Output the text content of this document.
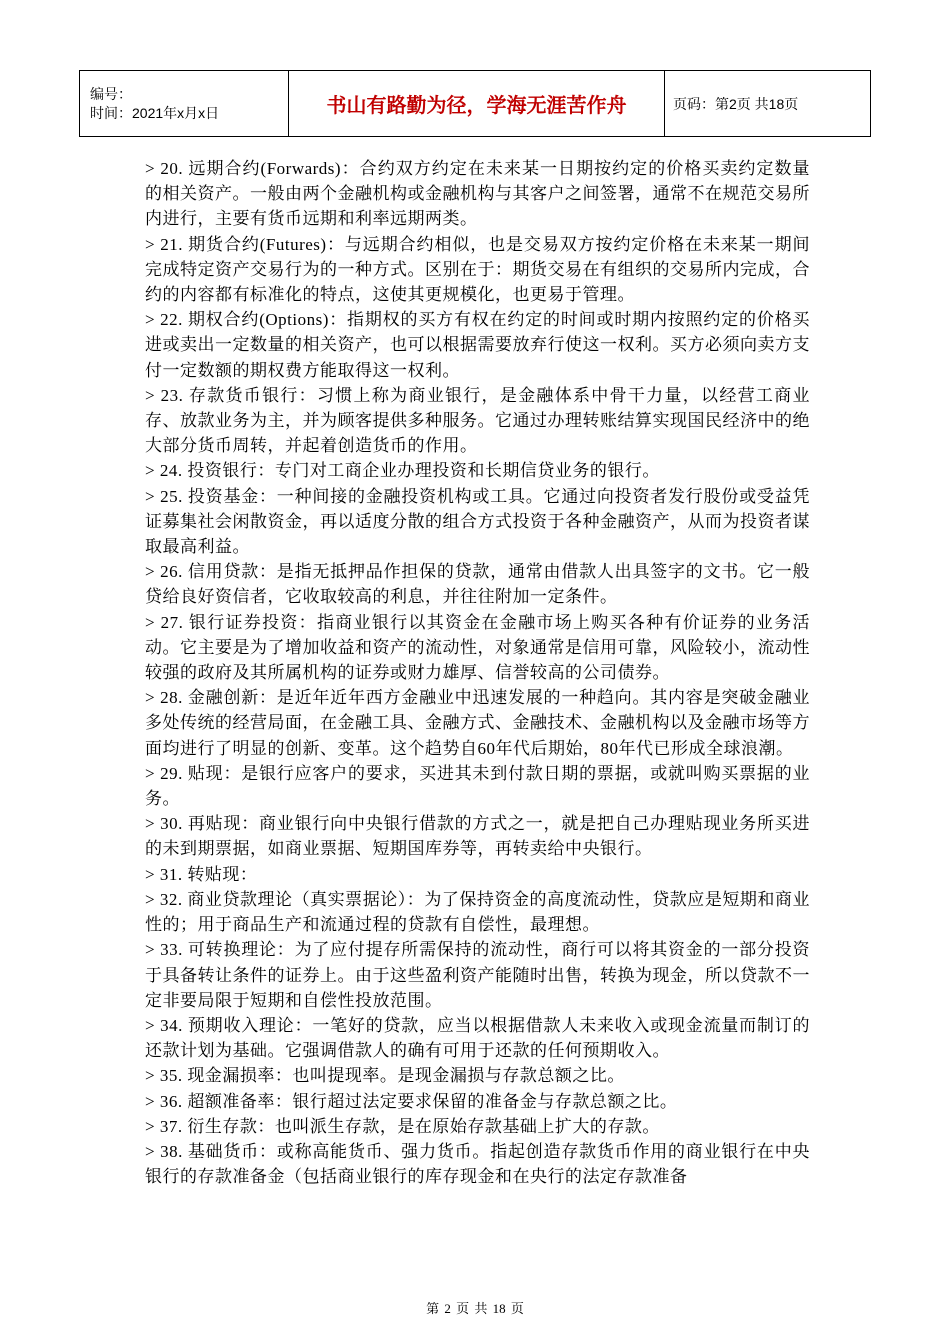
编号：
时间：2021年x月x日	书山有路勤为径，学海无涯苦作舟	页码：第2页 共18页

> 20. 远期合约(Forwards)：合约双方约定在未来某一日期按约定的价格买卖约定数量的相关资产。一般由两个金融机构或金融机构与其客户之间签署，通常不在规范交易所内进行，主要有货币远期和利率远期两类。

> 21. 期货合约(Futures)：与远期合约相似，也是交易双方按约定价格在未来某一期间完成特定资产交易行为的一种方式。区别在于：期货交易在有组织的交易所内完成，合约的内容都有标准化的特点，这使其更规模化，也更易于管理。

> 22. 期权合约(Options)：指期权的买方有权在约定的时间或时期内按照约定的价格买进或卖出一定数量的相关资产，也可以根据需要放弃行使这一权利。买方必须向卖方支付一定数额的期权费方能取得这一权利。

> 23. 存款货币银行：习惯上称为商业银行，是金融体系中骨干力量，以经营工商业存、放款业务为主，并为顾客提供多种服务。它通过办理转账结算实现国民经济中的绝大部分货币周转，并起着创造货币的作用。

> 24. 投资银行：专门对工商企业办理投资和长期信贷业务的银行。

> 25. 投资基金：一种间接的金融投资机构或工具。它通过向投资者发行股份或受益凭证募集社会闲散资金，再以适度分散的组合方式投资于各种金融资产，从而为投资者谋取最高利益。

> 26. 信用贷款：是指无抵押品作担保的贷款，通常由借款人出具签字的文书。它一般贷给良好资信者，它收取较高的利息，并往往附加一定条件。

> 27. 银行证券投资：指商业银行以其资金在金融市场上购买各种有价证券的业务活动。它主要是为了增加收益和资产的流动性，对象通常是信用可靠，风险较小，流动性较强的政府及其所属机构的证券或财力雄厚、信誉较高的公司债券。

> 28. 金融创新：是近年近年西方金融业中迅速发展的一种趋向。其内容是突破金融业多处传统的经营局面，在金融工具、金融方式、金融技术、金融机构以及金融市场等方面均进行了明显的创新、变革。这个趋势自60年代后期始，80年代已形成全球浪潮。

> 29. 贴现：是银行应客户的要求，买进其未到付款日期的票据，或就叫购买票据的业务。

> 30. 再贴现：商业银行向中央银行借款的方式之一，就是把自己办理贴现业务所买进的未到期票据，如商业票据、短期国库券等，再转卖给中央银行。

> 31. 转贴现：

> 32. 商业贷款理论（真实票据论）：为了保持资金的高度流动性，贷款应是短期和商业性的；用于商品生产和流通过程的贷款有自偿性，最理想。

> 33. 可转换理论：为了应付提存所需保持的流动性，商行可以将其资金的一部分投资于具备转让条件的证券上。由于这些盈利资产能随时出售，转换为现金，所以贷款不一定非要局限于短期和自偿性投放范围。

> 34. 预期收入理论：一笔好的贷款，应当以根据借款人未来收入或现金流量而制订的还款计划为基础。它强调借款人的确有可用于还款的任何预期收入。

> 35. 现金漏损率：也叫提现率。是现金漏损与存款总额之比。

> 36. 超额准备率：银行超过法定要求保留的准备金与存款总额之比。

> 37. 衍生存款：也叫派生存款，是在原始存款基础上扩大的存款。

> 38. 基础货币：或称高能货币、强力货币。指起创造存款货币作用的商业银行在中央银行的存款准备金（包括商业银行的库存现金和在央行的法定存款准备

第 2 页 共 18 页
